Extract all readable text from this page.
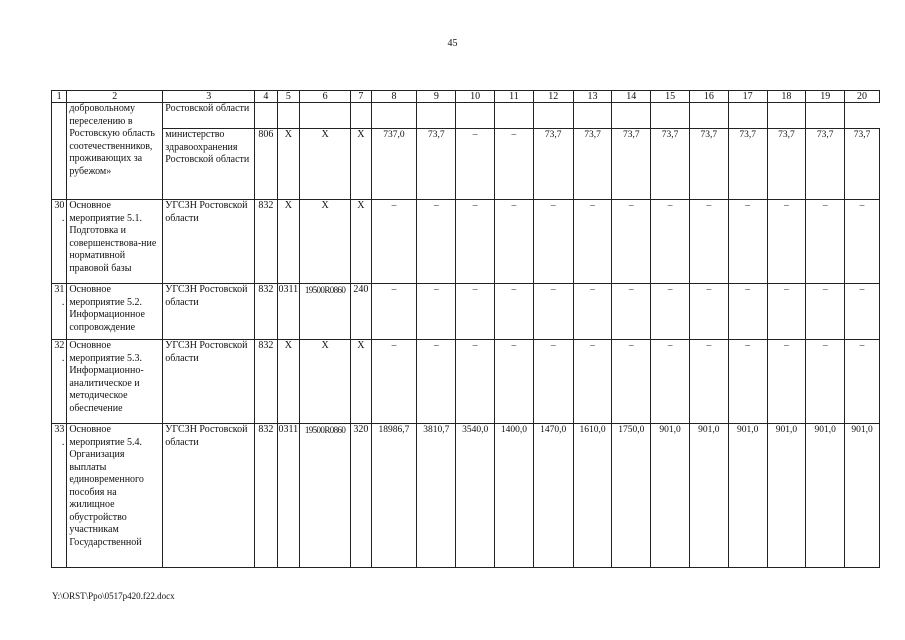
45
1	2	3	4	5	6	7	8	9	10	11	12	13	14	15	16	17	18	19	20
	добровольному переселению в Ростовскую область соотечественников, проживающих за рубежом»	Ростовской области																	
		министерство здравоохранения Ростовской области	806	Х	Х	Х	737,0	73,7	–	–	73,7	73,7	73,7	73,7	73,7	73,7	73,7	73,7	73,7
30.	Основное мероприятие 5.1. Подготовка и совершенствова-ние нормативной правовой базы	УГСЗН Ростовской области	832	Х	Х	Х	–	–	–	–	–	–	–	–	–	–	–	–	–
31.	Основное мероприятие 5.2. Информационное сопровождение	УГСЗН Ростовской области	832	0311	19500R0860	240	–	–	–	–	–	–	–	–	–	–	–	–	–
32.	Основное мероприятие 5.3. Информационно-аналитическое и методическое обеспечение	УГСЗН Ростовской области	832	Х	Х	Х	–	–	–	–	–	–	–	–	–	–	–	–	–
33.	Основное мероприятие 5.4. Организация выплаты единовременного пособия на жилищное обустройство участникам Государственной	УГСЗН Ростовской области	832	0311	19500R0860	320	18986,7	3810,7	3540,0	1400,0	1470,0	1610,0	1750,0	901,0	901,0	901,0	901,0	901,0	901,0
Y:\ORST\Ppo\0517p420.f22.docx
